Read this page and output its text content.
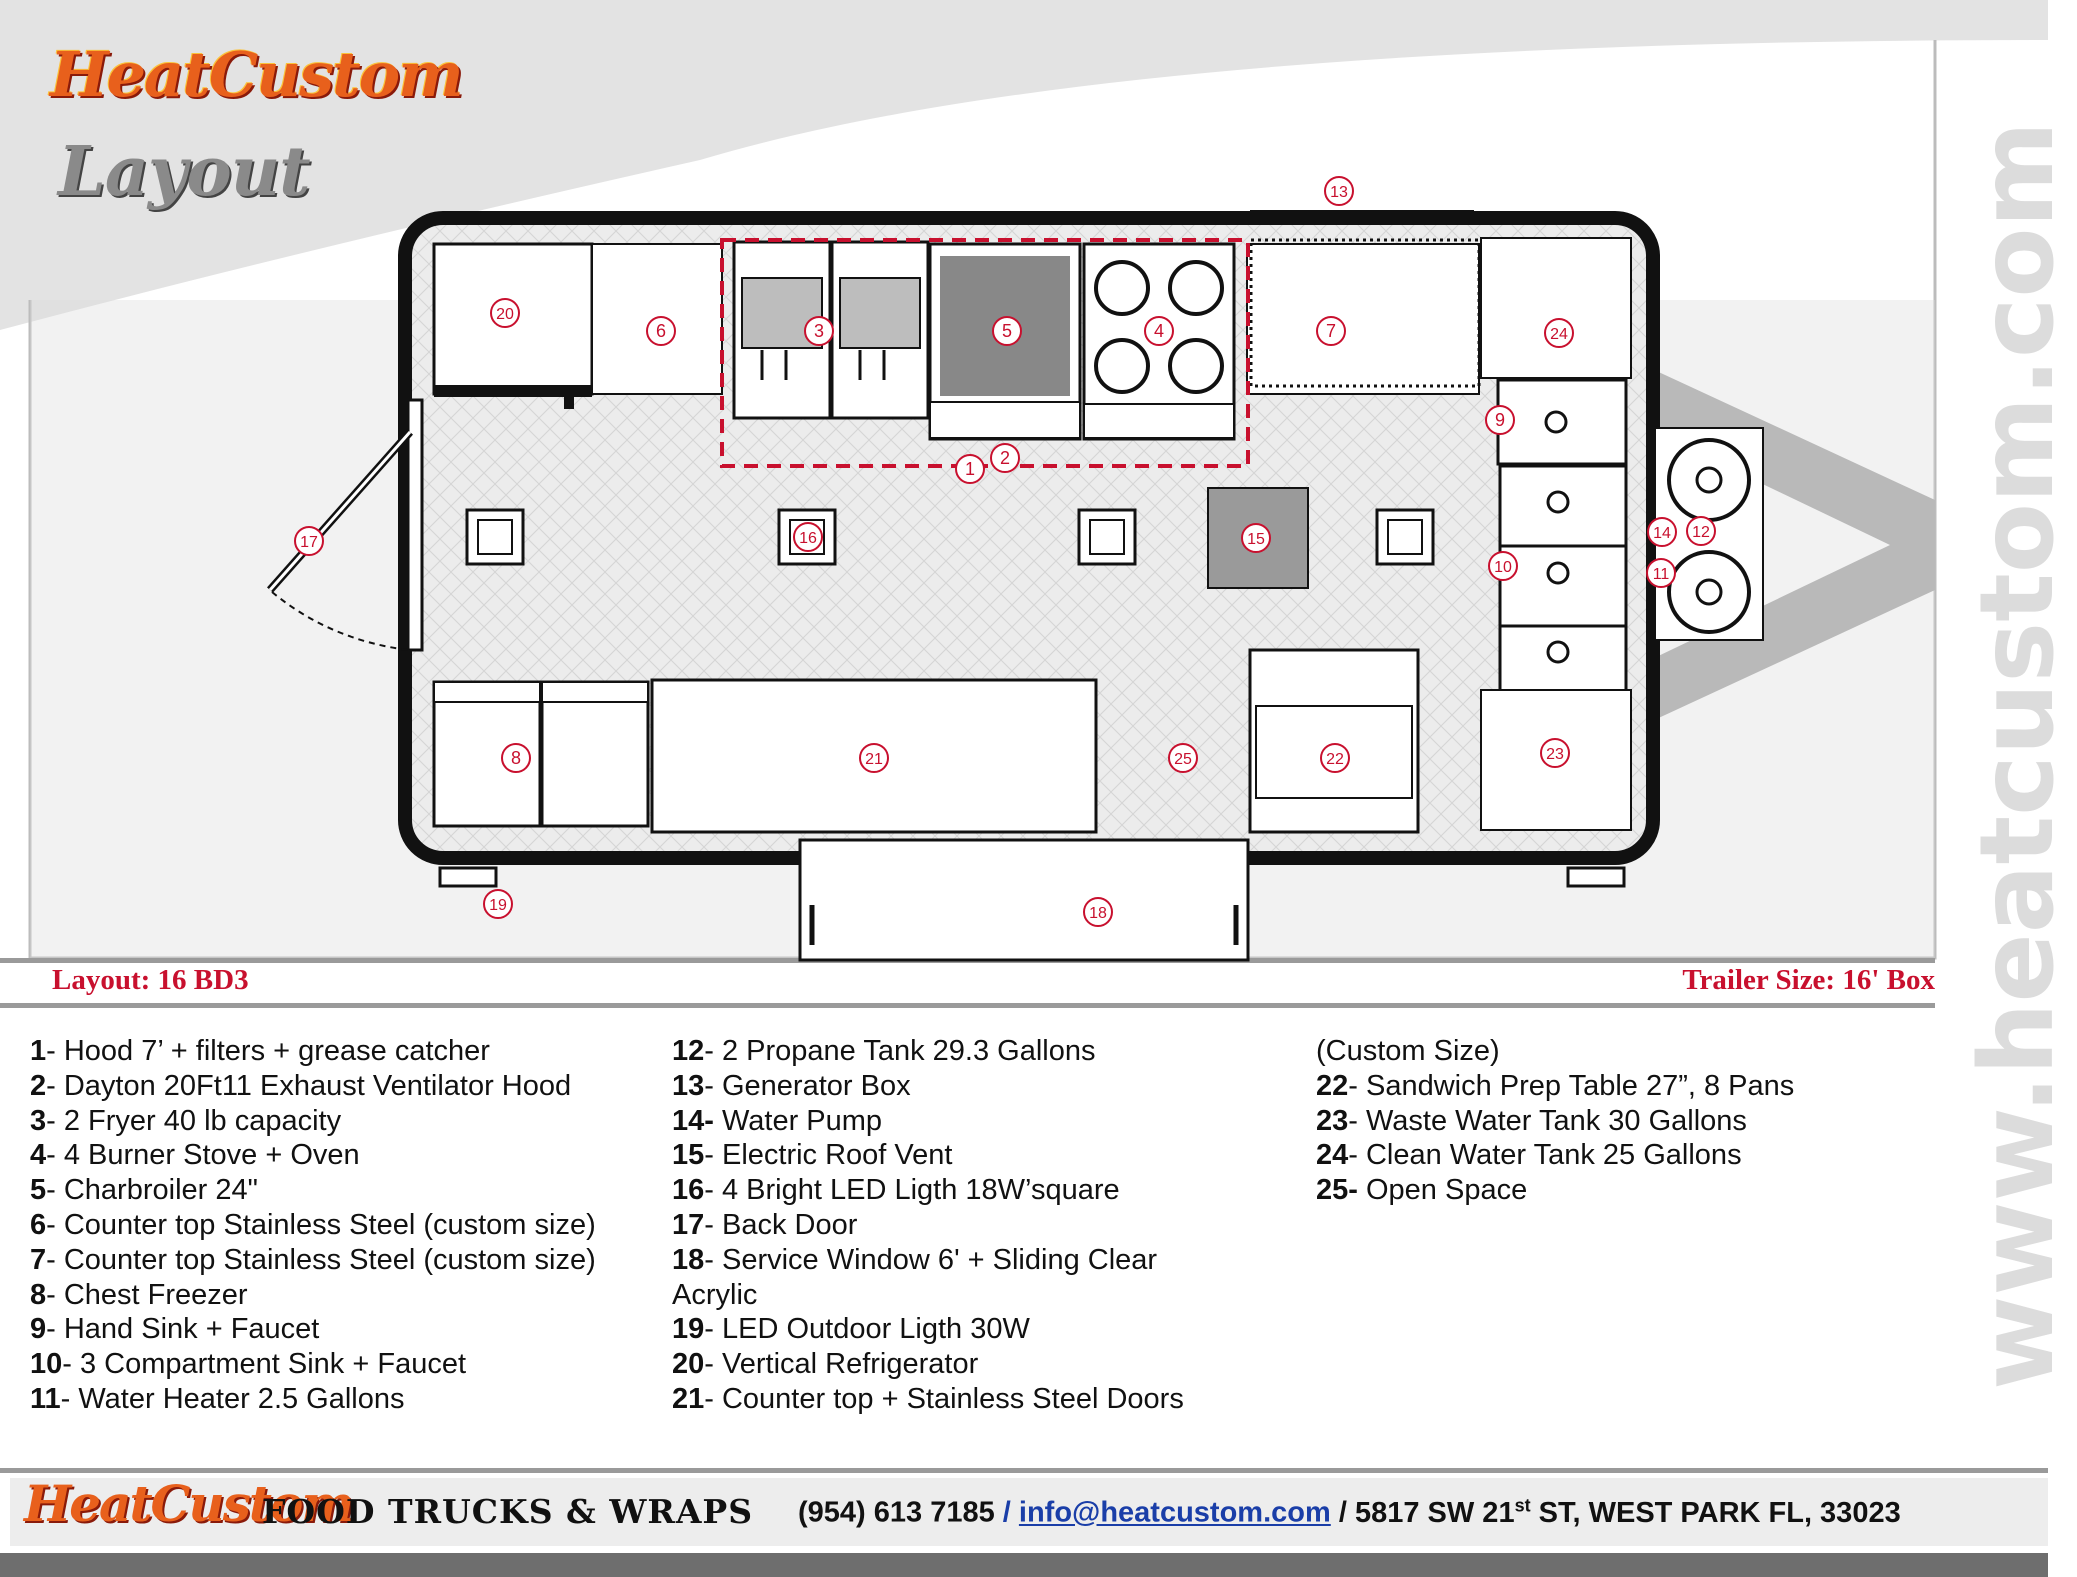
1
2
3	4
5
6	7
8
9
10	11
12
13
14
15
16
17
18
19
20
21	22	23
24
25
HeatCustom
Layout	www.heatcustom.com
Layout: 16 BD3	Trailer Size: 16' Box
1- Hood 7’ + filters + grease catcher
2- Dayton 20Ft11 Exhaust Ventilator Hood
3- 2 Fryer 40 lb capacity
4- 4 Burner Stove + Oven
5- Charbroiler 24"
6- Counter top Stainless Steel (custom size)
7- Counter top Stainless Steel (custom size)
8- Chest Freezer
9- Hand Sink + Faucet
10- 3 Compartment Sink + Faucet
11- Water Heater 2.5 Gallons
12- 2 Propane Tank 29.3 Gallons
13- Generator Box
14- Water Pump
15- Electric Roof Vent
16- 4 Bright LED Ligth 18W’square
17- Back Door
18- Service Window 6' + Sliding Clear
Acrylic
19- LED Outdoor Ligth 30W
20- Vertical Refrigerator
21- Counter top + Stainless Steel Doors
(Custom Size)
22- Sandwich Prep Table 27”, 8 Pans
23- Waste Water Tank 30 Gallons
24- Clean Water Tank 25 Gallons
25- Open Space
HeatCustom
FOOD TRUCKS & WRAPS (954) 613 7185 / info@heatcustom.com / 5817 SW 21st ST, WEST PARK FL, 33023
